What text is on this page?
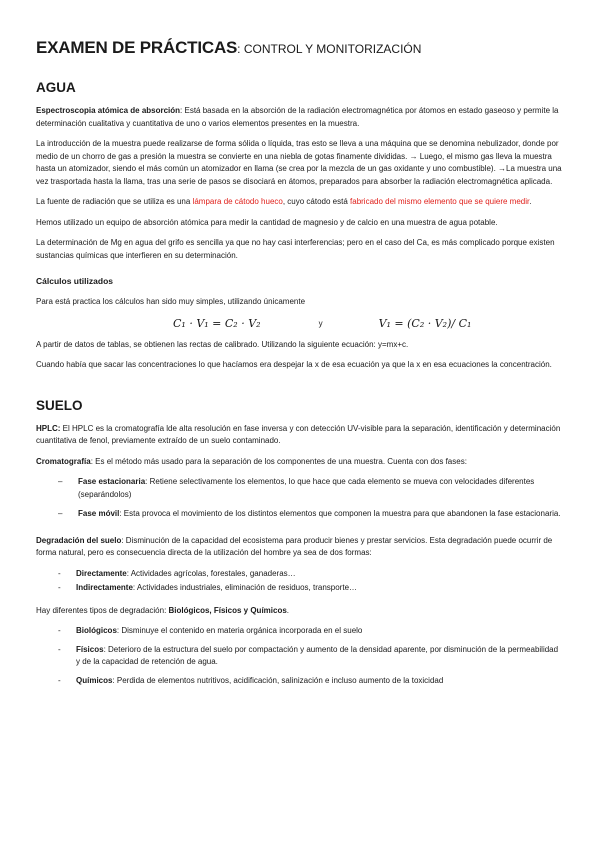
EXAMEN DE PRÁCTICAS: CONTROL Y MONITORIZACIÓN
AGUA

Espectroscopia atómica de absorción: Está basada en la absorción de la radiación electromagnética por átomos en estado gaseoso y permite la determinación cualitativa y cuantitativa de uno o varios elementos presentes en la muestra.

La introducción de la muestra puede realizarse de forma sólida o líquida, tras esto se lleva a una máquina que se denomina nebulizador, donde por medio de un chorro de gas a presión la muestra se convierte en una niebla de gotas finamente divididas. → Luego, el mismo gas lleva la muestra hasta un atomizador, siendo el más común un atomizador en llama (se crea por la mezcla de un gas oxidante y uno combustible). →La muestra una vez trasportada hasta la llama, tras una serie de pasos se disociará en átomos, preparados para absorber la radiación electromagnética aplicada.

La fuente de radiación que se utiliza es una lámpara de cátodo hueco, cuyo cátodo está fabricado del mismo elemento que se quiere medir.

Hemos utilizado un equipo de absorción atómica para medir la cantidad de magnesio y de calcio en una muestra de agua potable.

La determinación de Mg en agua del grifo es sencilla ya que no hay casi interferencias; pero en el caso del Ca, es más complicado porque existen sustancias químicas que interfieren en su determinación.

Cálculos utilizados

Para está practica los cálculos han sido muy simples, utilizando únicamente

C₁ · V₁ = C₂ · V₂	y	V₁ = (C₂ · V₂)/ C₁

A partir de datos de tablas, se obtienen las rectas de calibrado. Utilizando la siguiente ecuación: y=mx+c.

Cuando había que sacar las concentraciones lo que hacíamos era despejar la x de esa ecuación ya que la x en esa ecuaciones la concentración.

SUELO

HPLC: El HPLC es la cromatografía lde alta resolución en fase inversa y con detección UV-visible para la separación, identificación y determinación cuantitativa de fenol, previamente extraído de un suelo contaminado.

Cromatografía: Es el método más usado para la separación de los componentes de una muestra. Cuenta con dos fases:

– Fase estacionaria: Retiene selectivamente los elementos, lo que hace que cada elemento se mueva con velocidades diferentes (separándolos)
– Fase móvil: Esta provoca el movimiento de los distintos elementos que componen la muestra para que abandonen la fase estacionaria.

Degradación del suelo: Disminución de la capacidad del ecosistema para producir bienes y prestar servicios. Esta degradación puede ocurrir de forma natural, pero es consecuencia directa de la utilización del hombre ya sea de dos formas:

- Directamente: Actividades agrícolas, forestales, ganaderas…
- Indirectamente: Actividades industriales, eliminación de residuos, transporte…

Hay diferentes tipos de degradación: Biológicos, Físicos y Químicos.

- Biológicos: Disminuye el contenido en materia orgánica incorporada en el suelo
- Físicos: Deterioro de la estructura del suelo por compactación y aumento de la densidad aparente, por disminución de la permeabilidad y de la capacidad de retención de agua.
- Químicos: Perdida de elementos nutritivos, acidificación, salinización e incluso aumento de la toxicidad
